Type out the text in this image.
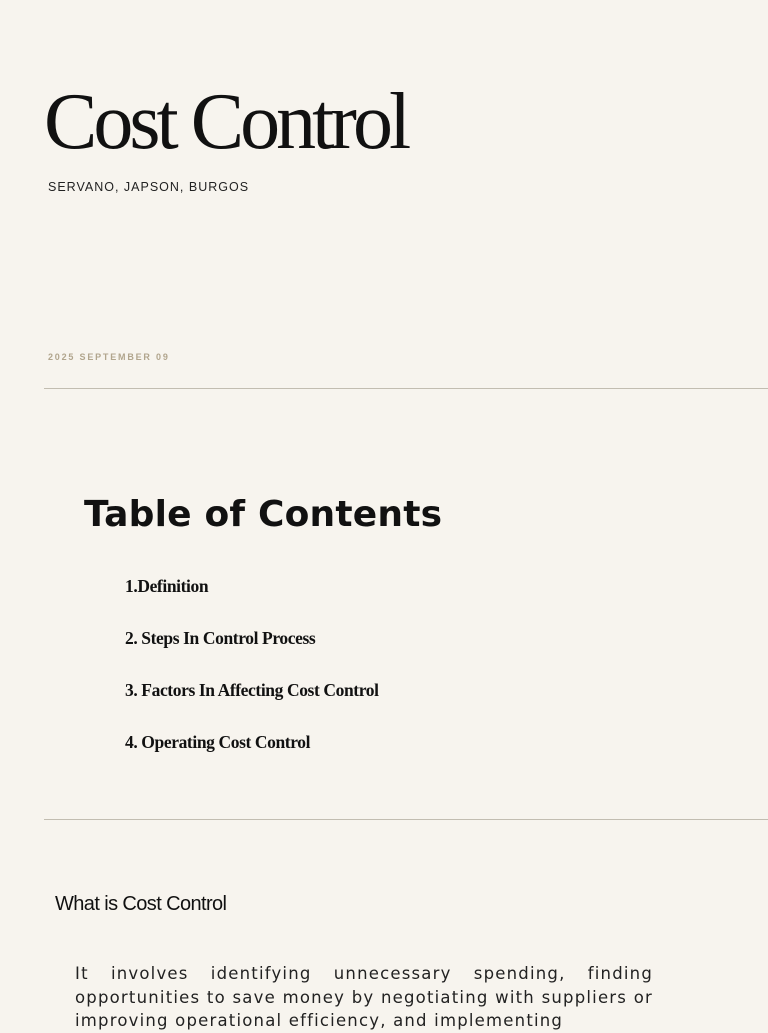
Cost Control
SERVANO, JAPSON, BURGOS
2025 SEPTEMBER 09
Table of Contents
1.Definition
2. Steps In Control Process
3. Factors In Affecting Cost Control
4. Operating Cost Control
What is Cost Control

It involves identifying unnecessary spending, finding opportunities to save money by negotiating with suppliers or improving operational efficiency, and implementing
